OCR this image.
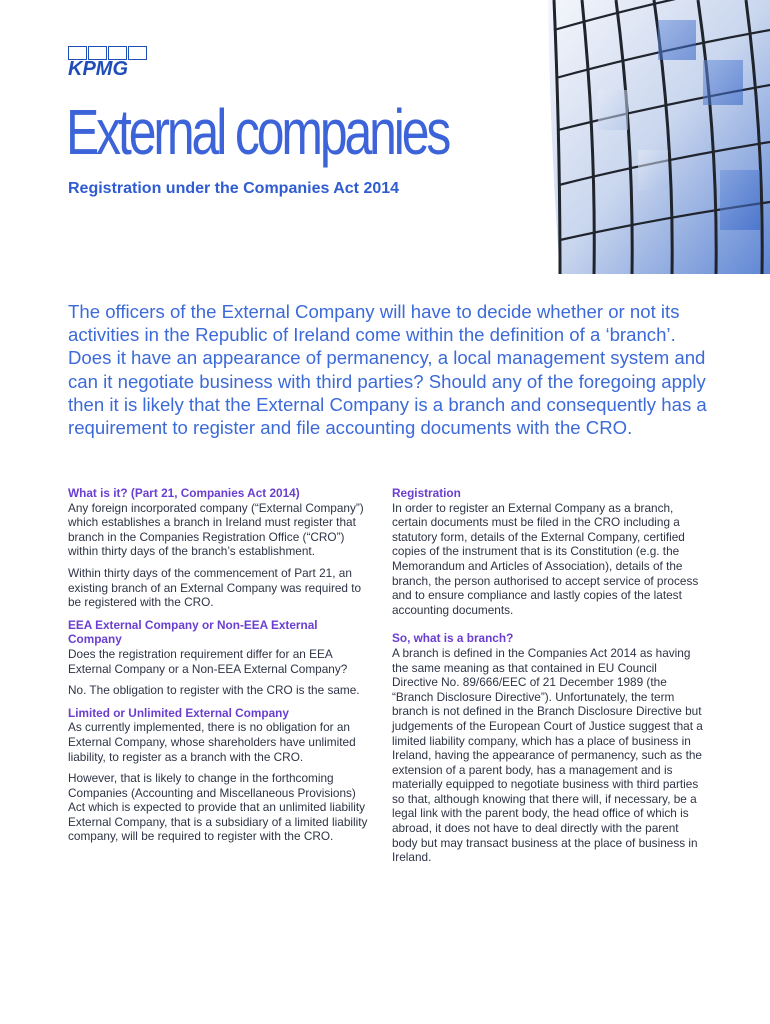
KPMG
External companies
Registration under the Companies Act 2014

The officers of the External Company will have to decide whether or not its activities in the Republic of Ireland come within the definition of a ‘branch’. Does it have an appearance of permanency, a local management system and can it negotiate business with third parties? Should any of the foregoing apply then it is likely that the External Company is a branch and consequently has a requirement to register and file accounting documents with the CRO.

What is it? (Part 21, Companies Act 2014)

Any foreign incorporated company (“External Company”) which establishes a branch in Ireland must register that branch in the Companies Registration Office (“CRO”) within thirty days of the branch’s establishment.

Within thirty days of the commencement of Part 21, an existing branch of an External Company was required to be registered with the CRO.

EEA External Company or Non-EEA External Company

Does the registration requirement differ for an EEA External Company or a Non-EEA External Company?

No. The obligation to register with the CRO is the same.

Limited or Unlimited External Company

As currently implemented, there is no obligation for an External Company, whose shareholders have unlimited liability, to register as a branch with the CRO.

However, that is likely to change in the forthcoming Companies (Accounting and Miscellaneous Provisions) Act which is expected to provide that an unlimited liability External Company, that is a subsidiary of a limited liability company, will be required to register with the CRO.

Registration

In order to register an External Company as a branch, certain documents must be filed in the CRO including a statutory form, details of the External Company, certified copies of the instrument that is its Constitution (e.g. the Memorandum and Articles of Association), details of the branch, the person authorised to accept service of process and to ensure compliance and lastly copies of the latest accounting documents.

So, what is a branch?

A branch is defined in the Companies Act 2014 as having the same meaning as that contained in EU Council Directive No. 89/666/EEC of 21 December 1989 (the “Branch Disclosure Directive”). Unfortunately, the term branch is not defined in the Branch Disclosure Directive but judgements of the European Court of Justice suggest that a limited liability company, which has a place of business in Ireland, having the appearance of permanency, such as the extension of a parent body, has a management and is materially equipped to negotiate business with third parties so that, although knowing that there will, if necessary, be a legal link with the parent body, the head office of which is abroad, it does not have to deal directly with the parent body but may transact business at the place of business in Ireland.
